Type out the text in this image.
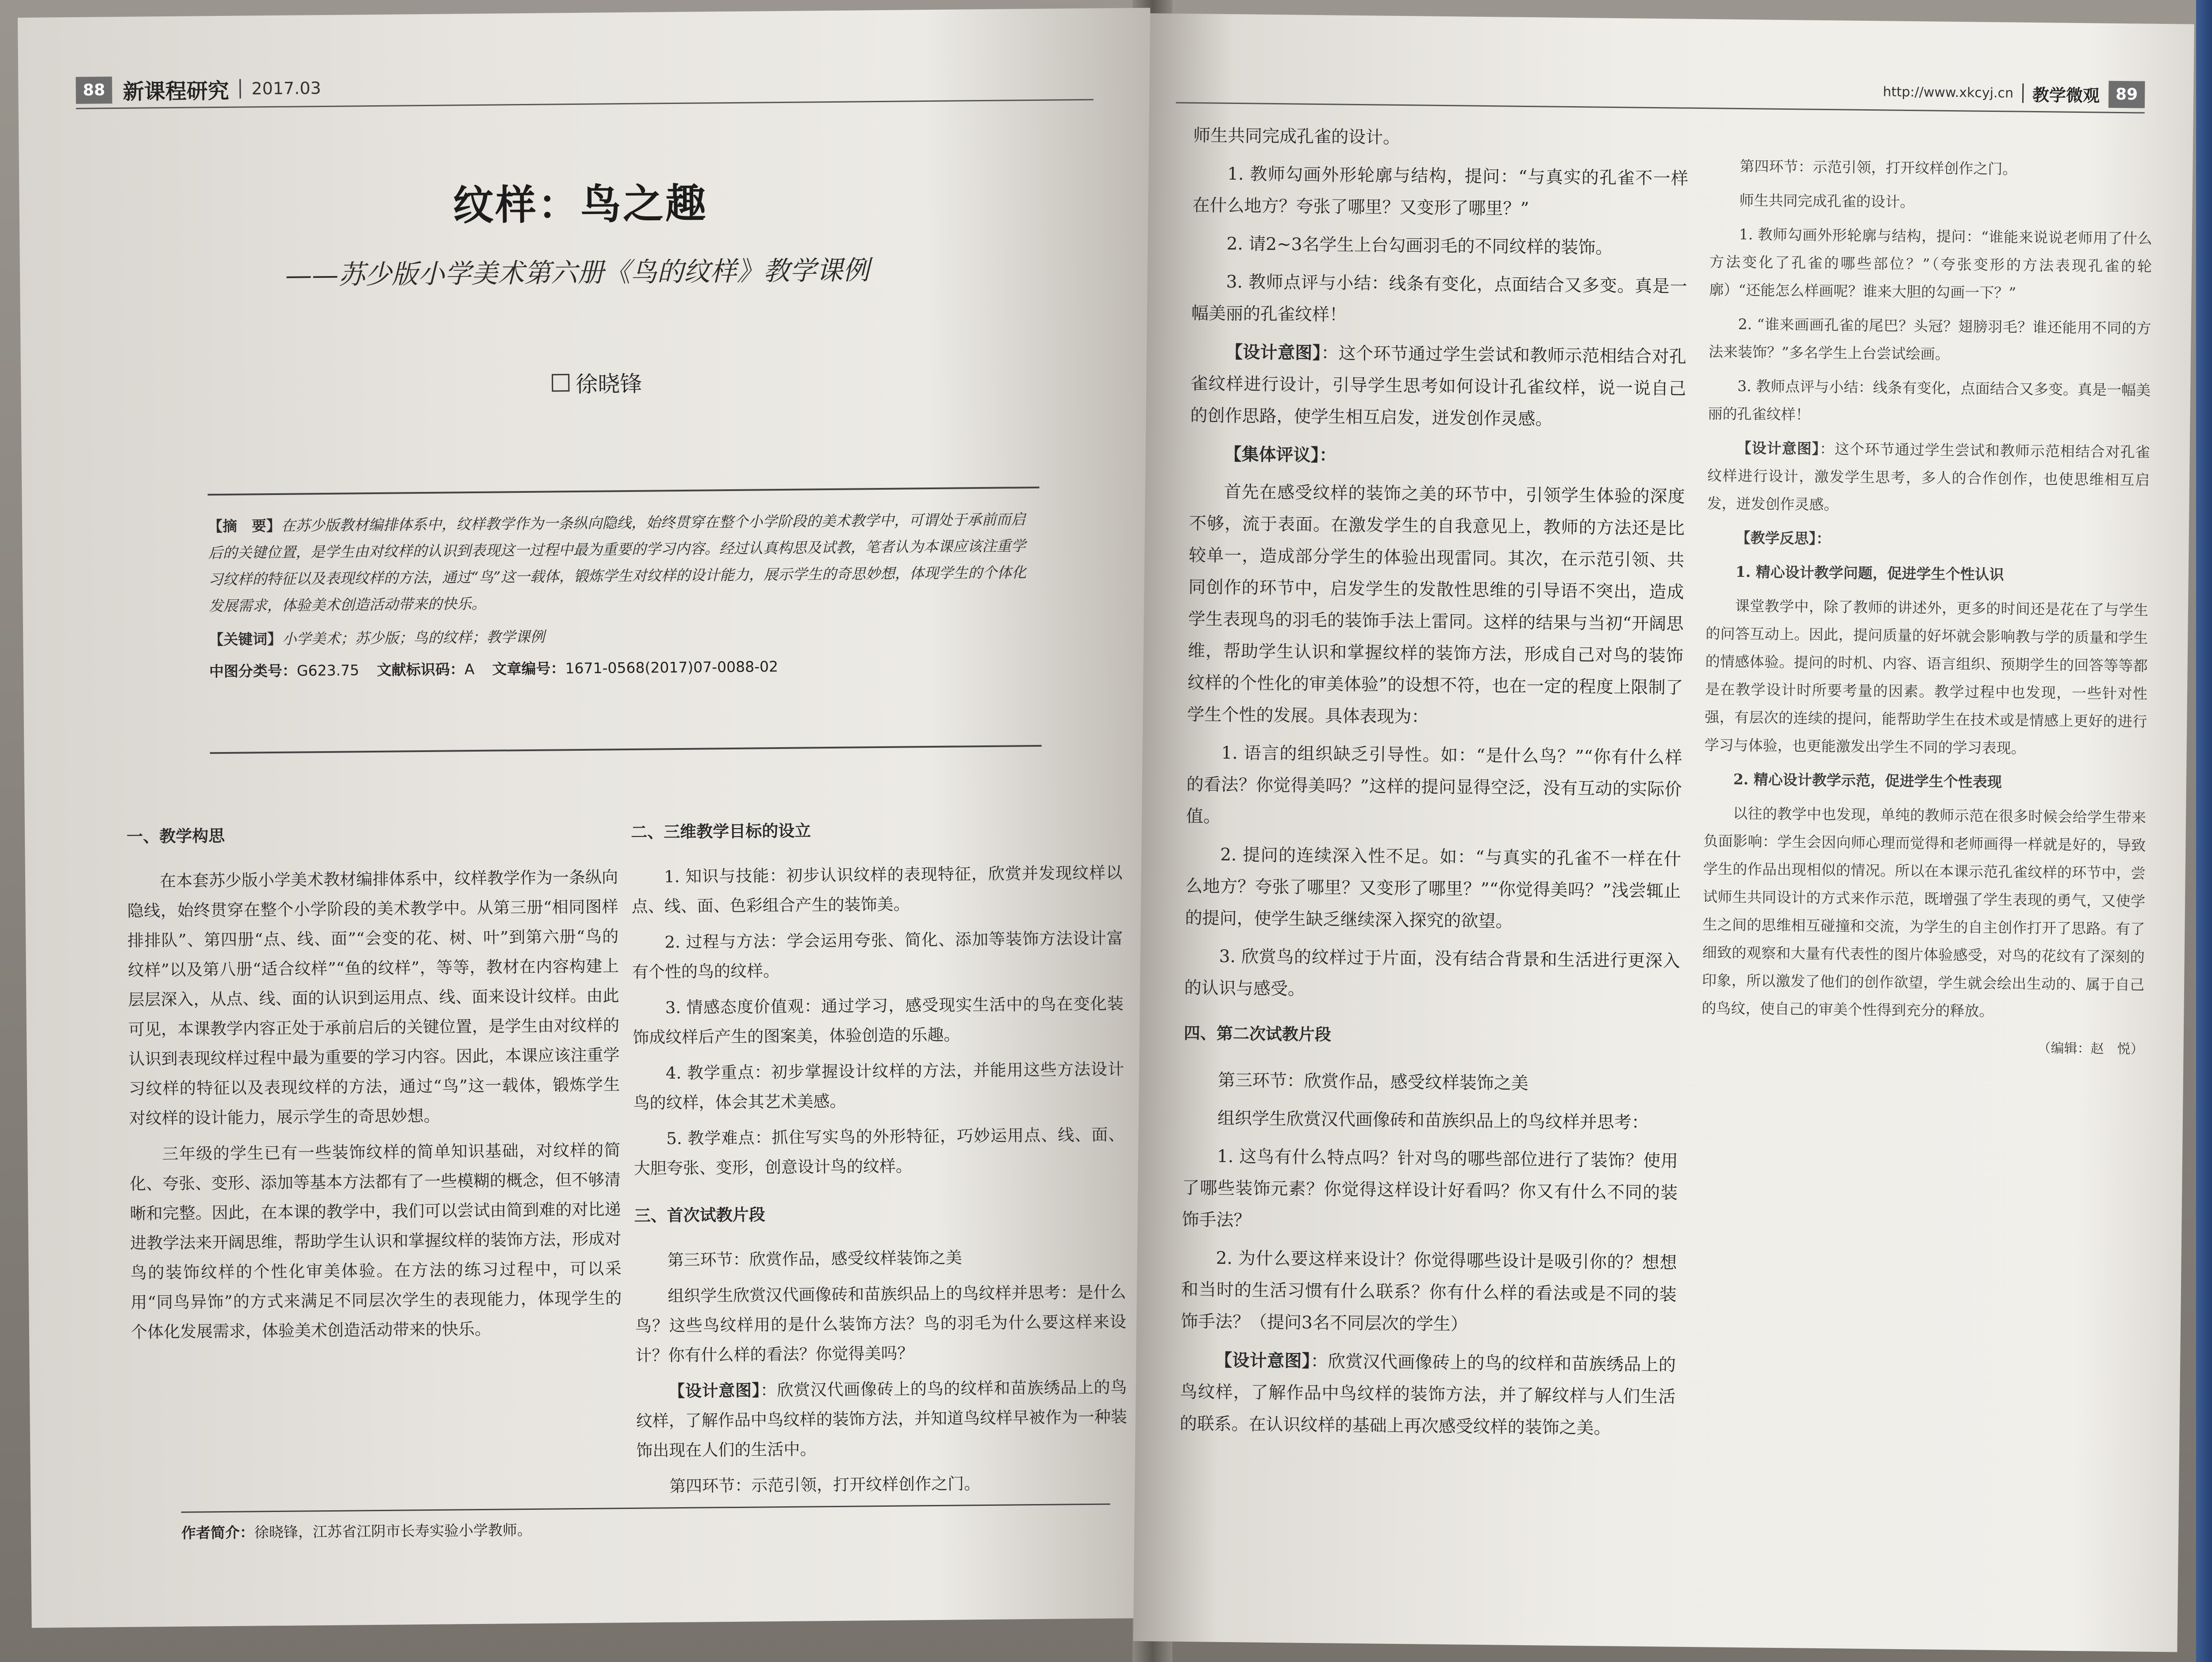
88 新课程研究 2017.03
纹样：鸟之趣
——苏少版小学美术第六册《鸟的纹样》教学课例
徐晓锋

【摘　要】在苏少版教材编排体系中，纹样教学作为一条纵向隐线，始终贯穿在整个小学阶段的美术教学中，可谓处于承前而启后的关键位置，是学生由对纹样的认识到表现这一过程中最为重要的学习内容。经过认真构思及试教，笔者认为本课应该注重学习纹样的特征以及表现纹样的方法，通过“鸟”这一载体，锻炼学生对纹样的设计能力，展示学生的奇思妙想，体现学生的个体化发展需求，体验美术创造活动带来的快乐。

【关键词】小学美术；苏少版；鸟的纹样；教学课例

中图分类号：G623.75 文献标识码：A 文章编号：1671-0568(2017)07-0088-02
一、教学构思

在本套苏少版小学美术教材编排体系中，纹样教学作为一条纵向隐线，始终贯穿在整个小学阶段的美术教学中。从第三册“相同图样排排队”、第四册“点、线、面”“会变的花、树、叶”到第六册“鸟的纹样”以及第八册“适合纹样”“鱼的纹样”，等等，教材在内容构建上层层深入，从点、线、面的认识到运用点、线、面来设计纹样。由此可见，本课教学内容正处于承前启后的关键位置，是学生由对纹样的认识到表现纹样过程中最为重要的学习内容。因此，本课应该注重学习纹样的特征以及表现纹样的方法，通过“鸟”这一载体，锻炼学生对纹样的设计能力，展示学生的奇思妙想。

三年级的学生已有一些装饰纹样的简单知识基础，对纹样的简化、夸张、变形、添加等基本方法都有了一些模糊的概念，但不够清晰和完整。因此，在本课的教学中，我们可以尝试由简到难的对比递进教学法来开阔思维，帮助学生认识和掌握纹样的装饰方法，形成对鸟的装饰纹样的个性化审美体验。在方法的练习过程中，可以采用“同鸟异饰”的方式来满足不同层次学生的表现能力，体现学生的个体化发展需求，体验美术创造活动带来的快乐。

二、三维教学目标的设立

1. 知识与技能：初步认识纹样的表现特征，欣赏并发现纹样以点、线、面、色彩组合产生的装饰美。

2. 过程与方法：学会运用夸张、简化、添加等装饰方法设计富有个性的鸟的纹样。

3. 情感态度价值观：通过学习，感受现实生活中的鸟在变化装饰成纹样后产生的图案美，体验创造的乐趣。

4. 教学重点：初步掌握设计纹样的方法，并能用这些方法设计鸟的纹样，体会其艺术美感。

5. 教学难点：抓住写实鸟的外形特征，巧妙运用点、线、面、大胆夸张、变形，创意设计鸟的纹样。

三、首次试教片段

第三环节：欣赏作品，感受纹样装饰之美

组织学生欣赏汉代画像砖和苗族织品上的鸟纹样并思考：是什么鸟？这些鸟纹样用的是什么装饰方法？鸟的羽毛为什么要这样来设计？你有什么样的看法？你觉得美吗？

【设计意图】：欣赏汉代画像砖上的鸟的纹样和苗族绣品上的鸟纹样，了解作品中鸟纹样的装饰方法，并知道鸟纹样早被作为一种装饰出现在人们的生活中。

第四环节：示范引领，打开纹样创作之门。

作者简介：徐晓锋，江苏省江阴市长寿实验小学教师。
http://www.xkcyj.cn 教学微观 89

师生共同完成孔雀的设计。

1. 教师勾画外形轮廓与结构，提问：“与真实的孔雀不一样在什么地方？夸张了哪里？又变形了哪里？”

2. 请2~3名学生上台勾画羽毛的不同纹样的装饰。

3. 教师点评与小结：线条有变化，点面结合又多变。真是一幅美丽的孔雀纹样！

【设计意图】：这个环节通过学生尝试和教师示范相结合对孔雀纹样进行设计，引导学生思考如何设计孔雀纹样，说一说自己的创作思路，使学生相互启发，迸发创作灵感。

【集体评议】：

首先在感受纹样的装饰之美的环节中，引领学生体验的深度不够，流于表面。在激发学生的自我意见上，教师的方法还是比较单一，造成部分学生的体验出现雷同。其次，在示范引领、共同创作的环节中，启发学生的发散性思维的引导语不突出，造成学生表现鸟的羽毛的装饰手法上雷同。这样的结果与当初“开阔思维，帮助学生认识和掌握纹样的装饰方法，形成自己对鸟的装饰纹样的个性化的审美体验”的设想不符，也在一定的程度上限制了学生个性的发展。具体表现为：

1. 语言的组织缺乏引导性。如：“是什么鸟？”“你有什么样的看法？你觉得美吗？”这样的提问显得空泛，没有互动的实际价值。

2. 提问的连续深入性不足。如：“与真实的孔雀不一样在什么地方？夸张了哪里？又变形了哪里？”“你觉得美吗？”浅尝辄止的提问，使学生缺乏继续深入探究的欲望。

3. 欣赏鸟的纹样过于片面，没有结合背景和生活进行更深入的认识与感受。

四、第二次试教片段

第三环节：欣赏作品，感受纹样装饰之美

组织学生欣赏汉代画像砖和苗族织品上的鸟纹样并思考：

1. 这鸟有什么特点吗？针对鸟的哪些部位进行了装饰？使用了哪些装饰元素？你觉得这样设计好看吗？你又有什么不同的装饰手法？

2. 为什么要这样来设计？你觉得哪些设计是吸引你的？想想和当时的生活习惯有什么联系？你有什么样的看法或是不同的装饰手法？（提问3名不同层次的学生）

【设计意图】：欣赏汉代画像砖上的鸟的纹样和苗族绣品上的鸟纹样，了解作品中鸟纹样的装饰方法，并了解纹样与人们生活的联系。在认识纹样的基础上再次感受纹样的装饰之美。

第四环节：示范引领，打开纹样创作之门。

师生共同完成孔雀的设计。

1. 教师勾画外形轮廓与结构，提问：“谁能来说说老师用了什么方法变化了孔雀的哪些部位？”（夸张变形的方法表现孔雀的轮廓）“还能怎么样画呢？谁来大胆的勾画一下？”

2. “谁来画画孔雀的尾巴？头冠？翅膀羽毛？谁还能用不同的方法来装饰？”多名学生上台尝试绘画。

3. 教师点评与小结：线条有变化，点面结合又多变。真是一幅美丽的孔雀纹样！

【设计意图】：这个环节通过学生尝试和教师示范相结合对孔雀纹样进行设计，激发学生思考，多人的合作创作，也使思维相互启发，迸发创作灵感。

【教学反思】：

1. 精心设计教学问题，促进学生个性认识

课堂教学中，除了教师的讲述外，更多的时间还是花在了与学生的问答互动上。因此，提问质量的好坏就会影响教与学的质量和学生的情感体验。提问的时机、内容、语言组织、预期学生的回答等等都是在教学设计时所要考量的因素。教学过程中也发现，一些针对性强，有层次的连续的提问，能帮助学生在技术或是情感上更好的进行学习与体验，也更能激发出学生不同的学习表现。

2. 精心设计教学示范，促进学生个性表现

以往的教学中也发现，单纯的教师示范在很多时候会给学生带来负面影响：学生会因向师心理而觉得和老师画得一样就是好的，导致学生的作品出现相似的情况。所以在本课示范孔雀纹样的环节中，尝试师生共同设计的方式来作示范，既增强了学生表现的勇气，又使学生之间的思维相互碰撞和交流，为学生的自主创作打开了思路。有了细致的观察和大量有代表性的图片体验感受，对鸟的花纹有了深刻的印象，所以激发了他们的创作欲望，学生就会绘出生动的、属于自己的鸟纹，使自己的审美个性得到充分的释放。

（编辑：赵　悦）
